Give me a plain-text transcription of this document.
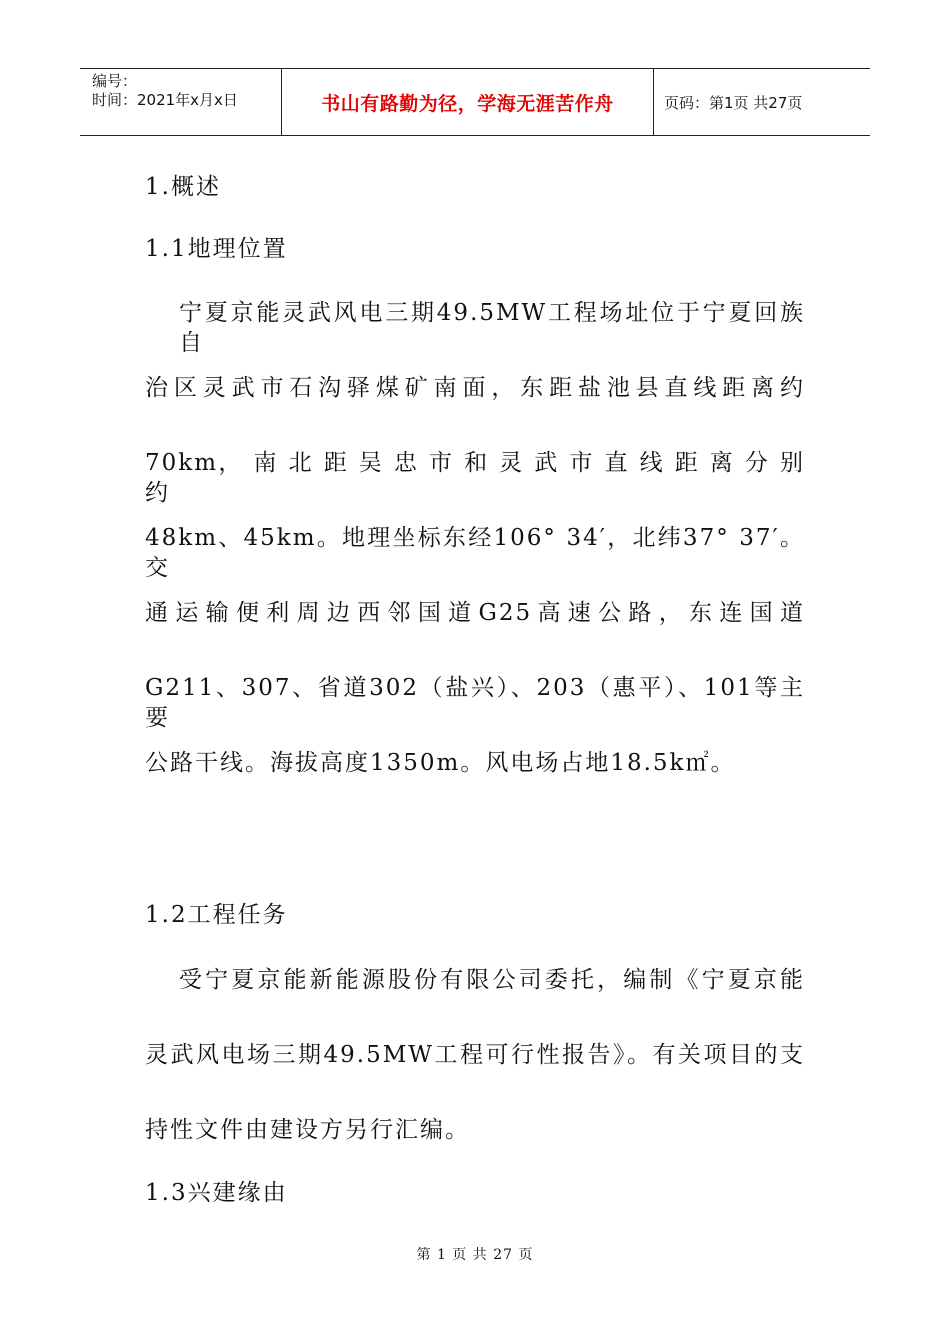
编号：
时间：2021年x月x日	书山有路勤为径，学海无涯苦作舟	页码：第1页 共27页
1.概述
1.1地理位置
宁夏京能灵武风电三期49.5MW工程场址位于宁夏回族自
治区灵武市石沟驿煤矿南面，东距盐池县直线距离约
70km， 南 北 距 吴 忠 市 和 灵 武 市 直 线 距 离 分 别 约
48km、45km。地理坐标东经106° 34′，北纬37° 37′。交
通运输便利周边西邻国道G25高速公路，东连国道
G211、307、省道302（盐兴）、203（惠平）、101等主要
公路干线。海拔高度1350m。风电场占地18.5k㎡。
1.2工程任务
受宁夏京能新能源股份有限公司委托，编制《宁夏京能
灵武风电场三期49.5MW工程可行性报告》。有关项目的支
持性文件由建设方另行汇编。
1.3兴建缘由
第 1 页 共 27 页
